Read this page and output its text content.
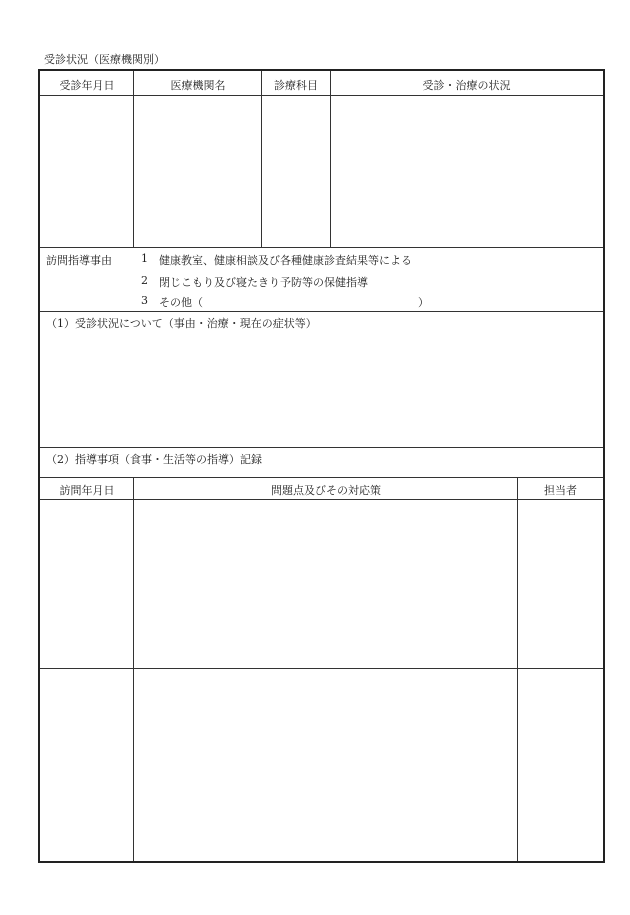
受診状況（医療機関別）
受診年月日	医療機関名	診療科目	受診・治療の状況
訪問指導事由	1 健康教室、健康相談及び各種健康診査結果等による
2 閉じこもり及び寝たきり予防等の保健指導
3 その他（	）
（1）受診状況について（事由・治療・現在の症状等）
（2）指導事項（食事・生活等の指導）記録
訪問年月日	問題点及びその対応策	担当者
